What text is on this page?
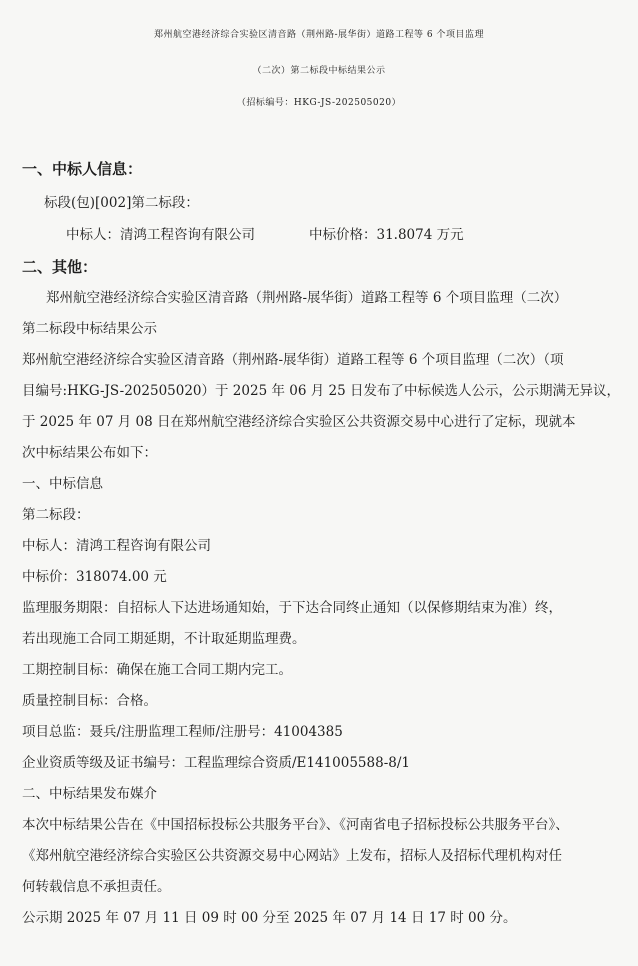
郑州航空港经济综合实验区清音路（荆州路-展华街）道路工程等 6 个项目监理
（二次）第二标段中标结果公示
（招标编号：HKG-JS-202505020）
一、中标人信息：
标段(包)[002]第二标段：
中标人：清鸿工程咨询有限公司	中标价格：31.8074 万元
二、其他：
郑州航空港经济综合实验区清音路（荆州路-展华街）道路工程等 6 个项目监理（二次）
第二标段中标结果公示
郑州航空港经济综合实验区清音路（荆州路-展华街）道路工程等 6 个项目监理（二次）（项
目编号:HKG-JS-202505020）于 2025 年 06 月 25 日发布了中标候选人公示，公示期满无异议，
于 2025 年 07 月 08 日在郑州航空港经济综合实验区公共资源交易中心进行了定标，现就本
次中标结果公布如下：
一、中标信息
第二标段：
中标人：清鸿工程咨询有限公司
中标价：318074.00 元
监理服务期限：自招标人下达进场通知始，于下达合同终止通知（以保修期结束为准）终，
若出现施工合同工期延期，不计取延期监理费。
工期控制目标：确保在施工合同工期内完工。
质量控制目标：合格。
项目总监：聂兵/注册监理工程师/注册号：41004385
企业资质等级及证书编号：工程监理综合资质/E141005588-8/1
二、中标结果发布媒介
本次中标结果公告在《中国招标投标公共服务平台》、《河南省电子招标投标公共服务平台》、
《郑州航空港经济综合实验区公共资源交易中心网站》上发布，招标人及招标代理机构对任
何转载信息不承担责任。
公示期 2025 年 07 月 11 日 09 时 00 分至 2025 年 07 月 14 日 17 时 00 分。
